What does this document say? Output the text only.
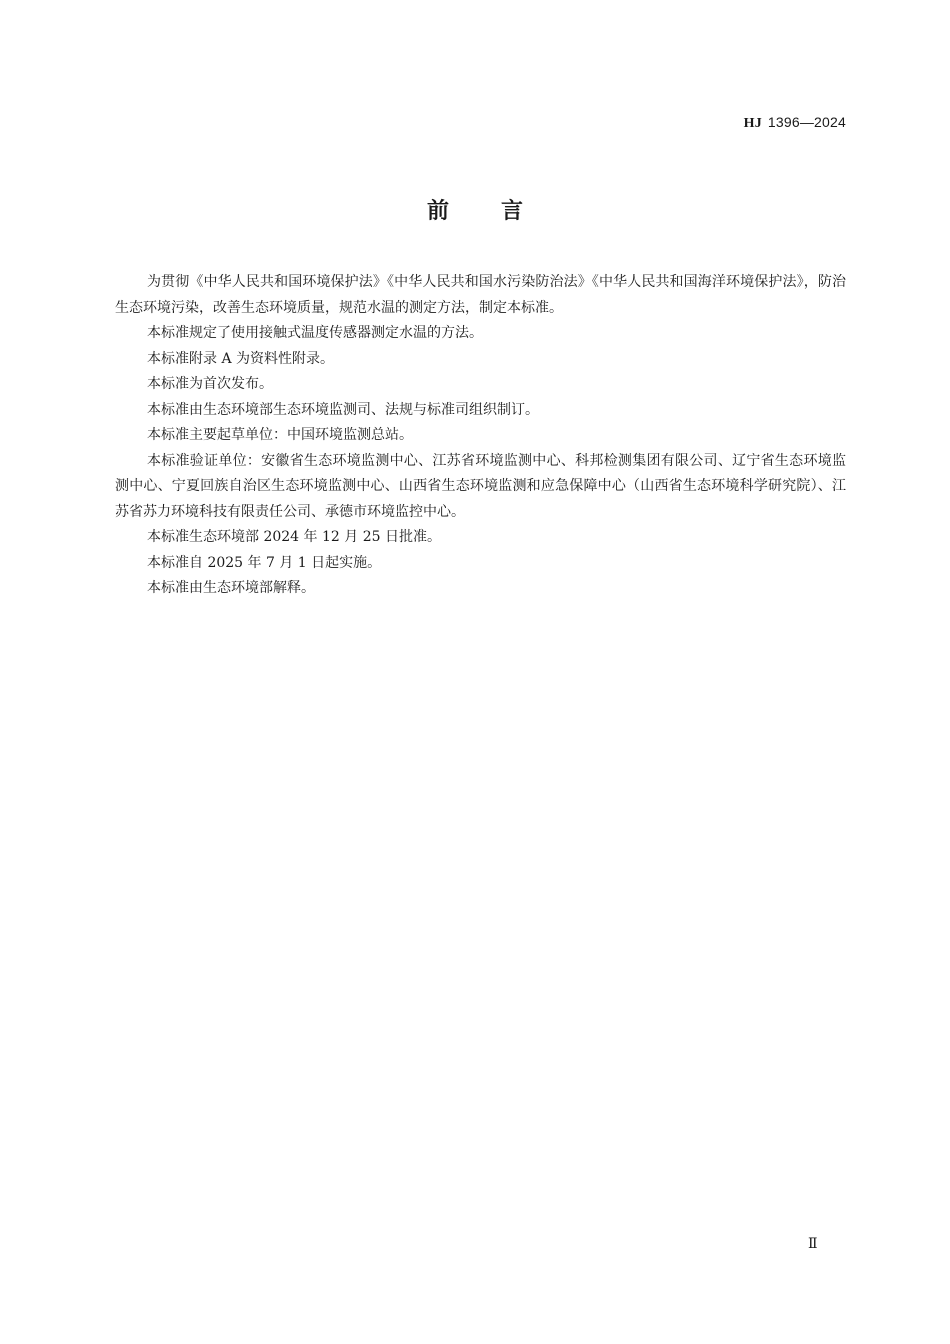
HJ 1396—2024
前言

为贯彻《中华人民共和国环境保护法》《中华人民共和国水污染防治法》《中华人民共和国海洋环境保护法》，防治生态环境污染，改善生态环境质量，规范水温的测定方法，制定本标准。

本标准规定了使用接触式温度传感器测定水温的方法。

本标准附录 A 为资料性附录。

本标准为首次发布。

本标准由生态环境部生态环境监测司、法规与标准司组织制订。

本标准主要起草单位：中国环境监测总站。

本标准验证单位：安徽省生态环境监测中心、江苏省环境监测中心、科邦检测集团有限公司、辽宁省生态环境监测中心、宁夏回族自治区生态环境监测中心、山西省生态环境监测和应急保障中心（山西省生态环境科学研究院）、江苏省苏力环境科技有限责任公司、承德市环境监控中心。

本标准生态环境部 2024 年 12 月 25 日批准。

本标准自 2025 年 7 月 1 日起实施。

本标准由生态环境部解释。

Ⅱ
